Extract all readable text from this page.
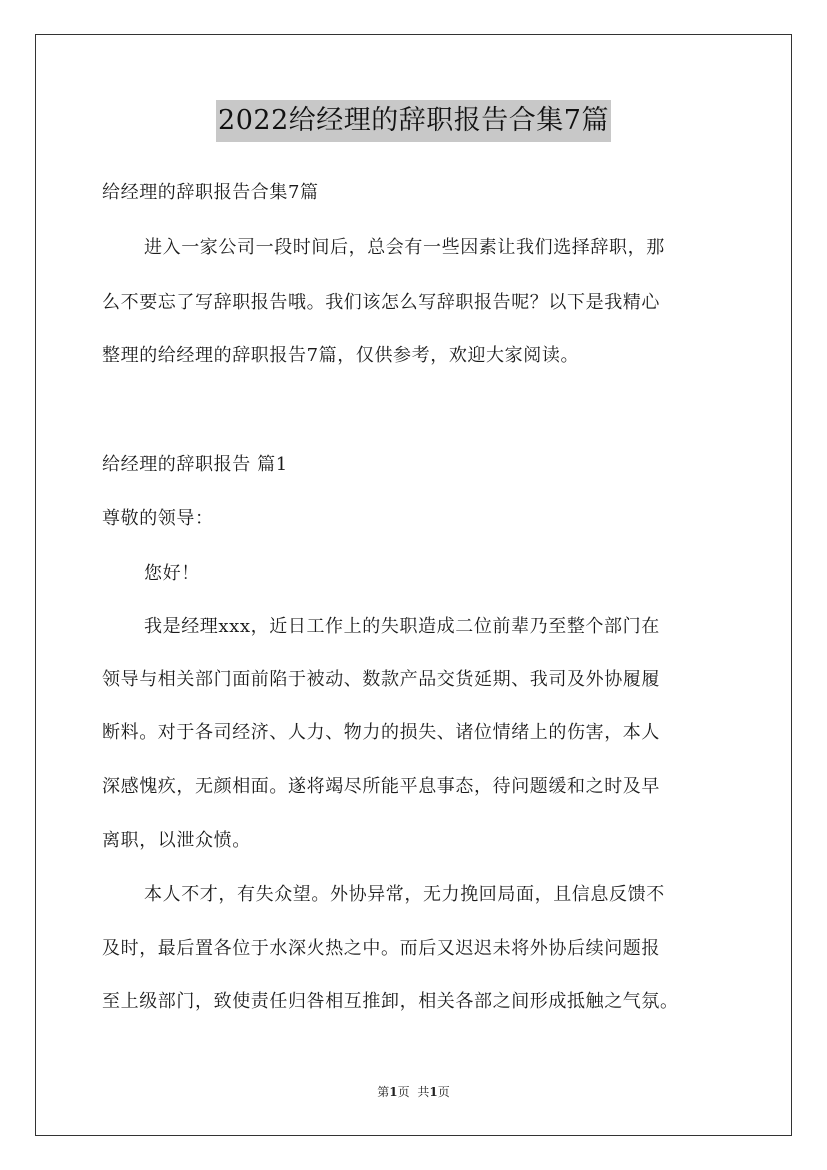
2022给经理的辞职报告合集7篇
给经理的辞职报告合集7篇
进入一家公司一段时间后，总会有一些因素让我们选择辞职，那
么不要忘了写辞职报告哦。我们该怎么写辞职报告呢？以下是我精心
整理的给经理的辞职报告7篇，仅供参考，欢迎大家阅读。
给经理的辞职报告 篇1
尊敬的领导：
您好！
我是经理xxx，近日工作上的失职造成二位前辈乃至整个部门在
领导与相关部门面前陷于被动、数款产品交货延期、我司及外协履履
断料。对于各司经济、人力、物力的损失、诸位情绪上的伤害，本人
深感愧疚，无颜相面。遂将竭尽所能平息事态，待问题缓和之时及早
离职，以泄众愤。
本人不才，有失众望。外协异常，无力挽回局面，且信息反馈不
及时，最后置各位于水深火热之中。而后又迟迟未将外协后续问题报
至上级部门，致使责任归咎相互推卸，相关各部之间形成抵触之气氛。
第1页 共1页
